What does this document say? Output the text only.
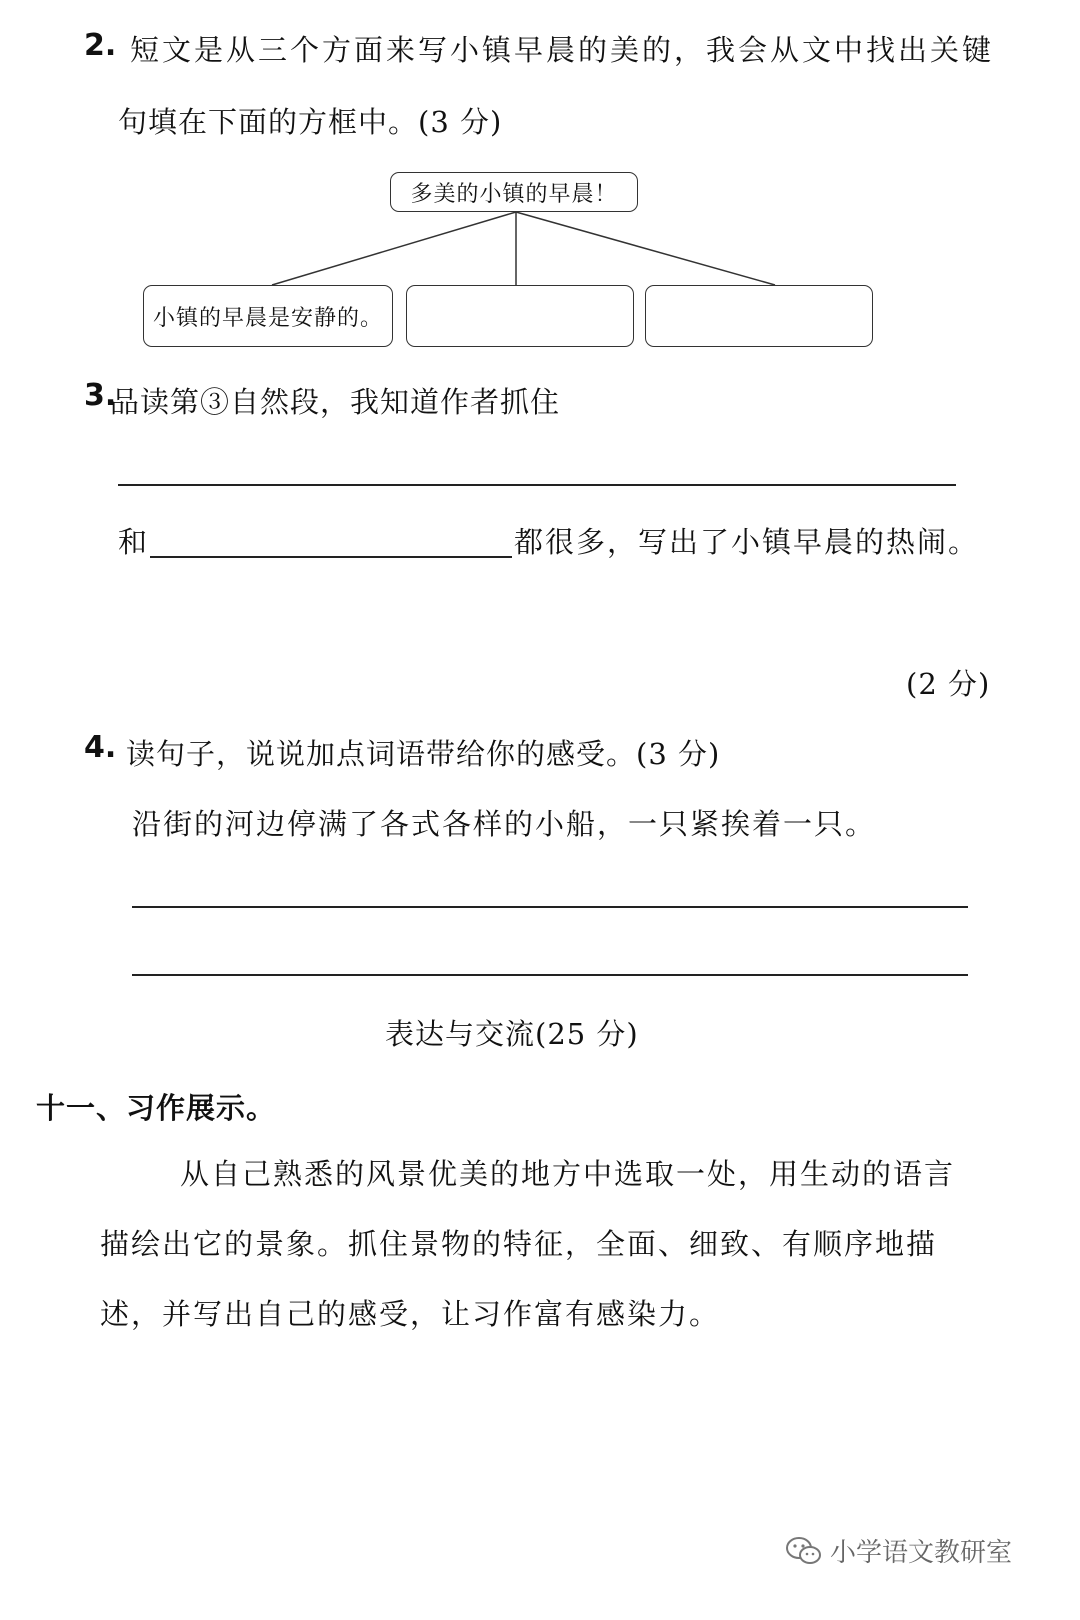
2. 短文是从三个方面来写小镇早晨的美的，我会从文中找出关键
句填在下面的方框中。(3 分)
多美的小镇的早晨！
小镇的早晨是安静的。
3.
品读第③自然段，我知道作者抓住
和	都很多，写出了小镇早晨的热闹。
(2 分)
4. 读句子，说说加点词语带给你的感受。(3 分)
沿街的河边停满了各式各样的小船，一只紧挨着一只。
表达与交流(25 分)
十一、习作展示。
从自己熟悉的风景优美的地方中选取一处，用生动的语言
描绘出它的景象。抓住景物的特征，全面、细致、有顺序地描
述，并写出自己的感受，让习作富有感染力。
小学语文教研室
